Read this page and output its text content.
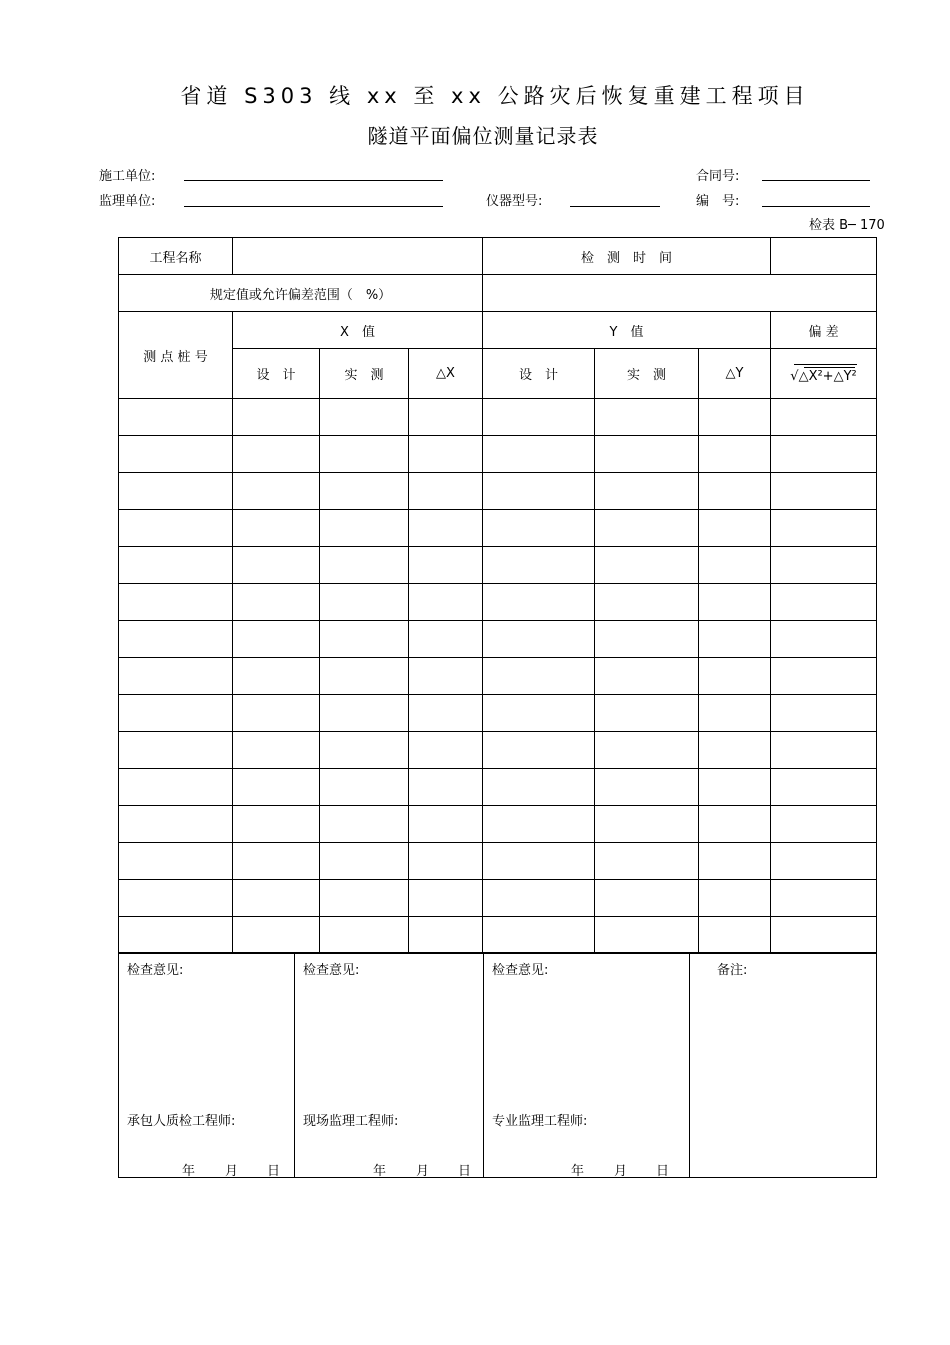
省道 S303 线 xx 至 xx 公路灾后恢复重建工程项目
隧道平面偏位测量记录表
施工单位:	合同号:
监理单位:	仪器型号:	编　号:
检表 B─ 170
工程名称				检　测　时　间			
规定值或允许偏差范围（　%）							
测 点 桩 号	X　值			Y　值			偏 差
	设　计	实　测	△X	设　计	实　测	△Y	√△X²+△Y²

检查意见:
承包人质检工程师:
年 月 日

检查意见:
现场监理工程师:
年 月 日

检查意见:
专业监理工程师:
年 月 日

备注:
